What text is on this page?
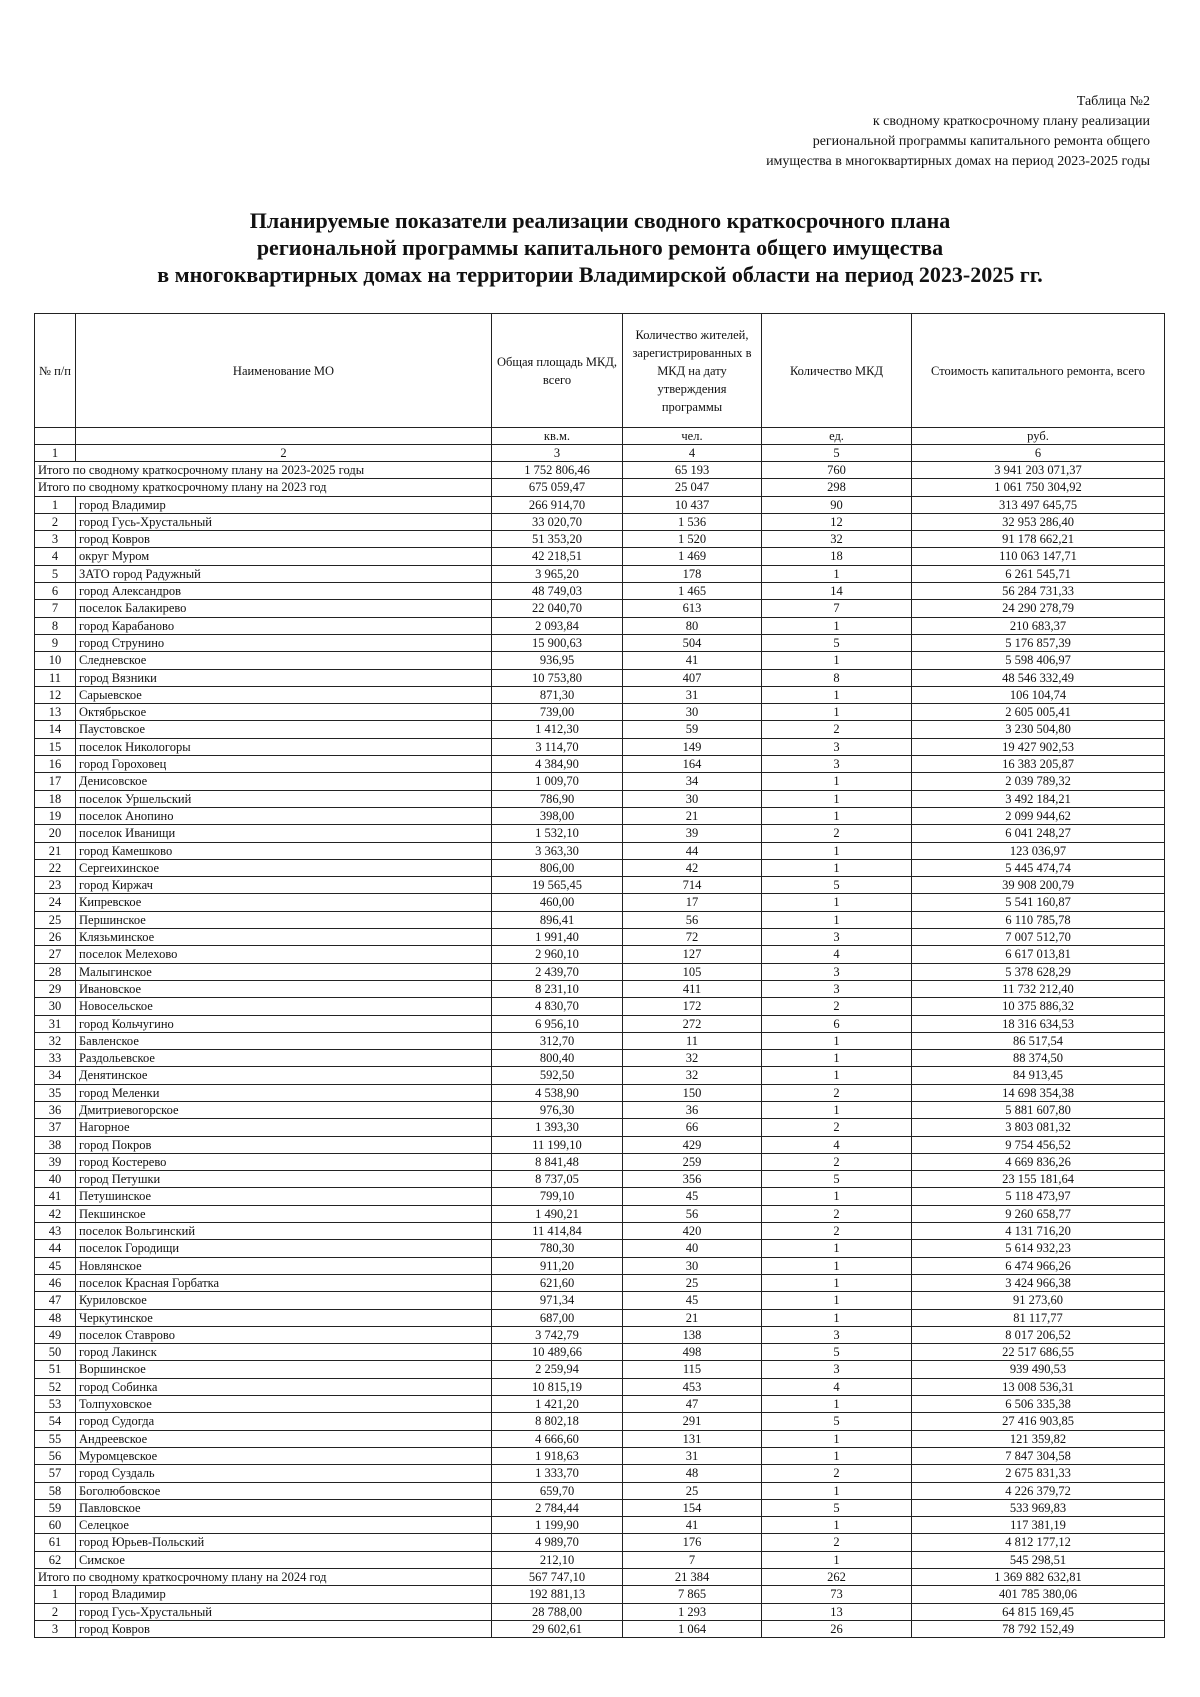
Таблица №2
к сводному краткосрочному плану реализации
региональной программы капитального ремонта общего
имущества в многоквартирных домах на период 2023-2025 годы
Планируемые показатели реализации сводного краткосрочного плана
региональной программы капитального ремонта общего имущества
в многоквартирных домах на территории Владимирской области на период 2023-2025 гг.
№ п/п	Наименование МО	Общая площадь МКД, всего	Количество жителей, зарегистрированных в МКД на дату утверждения программы	Количество МКД	Стоимость капитального ремонта, всего
		кв.м.	чел.	ед.	руб.
1	2	3	4	5	6
Итого по сводному краткосрочному плану на 2023-2025 годы		1 752 806,46	65 193	760	3 941 203 071,37
Итого по сводному краткосрочному плану на 2023 год		675 059,47	25 047	298	1 061 750 304,92
1	город Владимир	266 914,70	10 437	90	313 497 645,75
2	город Гусь-Хрустальный	33 020,70	1 536	12	32 953 286,40
3	город Ковров	51 353,20	1 520	32	91 178 662,21
4	округ Муром	42 218,51	1 469	18	110 063 147,71
5	ЗАТО город Радужный	3 965,20	178	1	6 261 545,71
6	город Александров	48 749,03	1 465	14	56 284 731,33
7	поселок Балакирево	22 040,70	613	7	24 290 278,79
8	город Карабаново	2 093,84	80	1	210 683,37
9	город Струнино	15 900,63	504	5	5 176 857,39
10	Следневское	936,95	41	1	5 598 406,97
11	город Вязники	10 753,80	407	8	48 546 332,49
12	Сарыевское	871,30	31	1	106 104,74
13	Октябрьское	739,00	30	1	2 605 005,41
14	Паустовское	1 412,30	59	2	3 230 504,80
15	поселок Никологоры	3 114,70	149	3	19 427 902,53
16	город Гороховец	4 384,90	164	3	16 383 205,87
17	Денисовское	1 009,70	34	1	2 039 789,32
18	поселок Уршельский	786,90	30	1	3 492 184,21
19	поселок Анопино	398,00	21	1	2 099 944,62
20	поселок Иванищи	1 532,10	39	2	6 041 248,27
21	город Камешково	3 363,30	44	1	123 036,97
22	Сергеихинское	806,00	42	1	5 445 474,74
23	город Киржач	19 565,45	714	5	39 908 200,79
24	Кипревское	460,00	17	1	5 541 160,87
25	Першинское	896,41	56	1	6 110 785,78
26	Клязьминское	1 991,40	72	3	7 007 512,70
27	поселок Мелехово	2 960,10	127	4	6 617 013,81
28	Малыгинское	2 439,70	105	3	5 378 628,29
29	Ивановское	8 231,10	411	3	11 732 212,40
30	Новосельское	4 830,70	172	2	10 375 886,32
31	город Кольчугино	6 956,10	272	6	18 316 634,53
32	Бавленское	312,70	11	1	86 517,54
33	Раздольевское	800,40	32	1	88 374,50
34	Денятинское	592,50	32	1	84 913,45
35	город Меленки	4 538,90	150	2	14 698 354,38
36	Дмитриевогорское	976,30	36	1	5 881 607,80
37	Нагорное	1 393,30	66	2	3 803 081,32
38	город Покров	11 199,10	429	4	9 754 456,52
39	город Костерево	8 841,48	259	2	4 669 836,26
40	город Петушки	8 737,05	356	5	23 155 181,64
41	Петушинское	799,10	45	1	5 118 473,97
42	Пекшинское	1 490,21	56	2	9 260 658,77
43	поселок Вольгинский	11 414,84	420	2	4 131 716,20
44	поселок Городищи	780,30	40	1	5 614 932,23
45	Новлянское	911,20	30	1	6 474 966,26
46	поселок Красная Горбатка	621,60	25	1	3 424 966,38
47	Куриловское	971,34	45	1	91 273,60
48	Черкутинское	687,00	21	1	81 117,77
49	поселок Ставрово	3 742,79	138	3	8 017 206,52
50	город Лакинск	10 489,66	498	5	22 517 686,55
51	Воршинское	2 259,94	115	3	939 490,53
52	город Собинка	10 815,19	453	4	13 008 536,31
53	Толпуховское	1 421,20	47	1	6 506 335,38
54	город Судогда	8 802,18	291	5	27 416 903,85
55	Андреевское	4 666,60	131	1	121 359,82
56	Муромцевское	1 918,63	31	1	7 847 304,58
57	город Суздаль	1 333,70	48	2	2 675 831,33
58	Боголюбовское	659,70	25	1	4 226 379,72
59	Павловское	2 784,44	154	5	533 969,83
60	Селецкое	1 199,90	41	1	117 381,19
61	город Юрьев-Польский	4 989,70	176	2	4 812 177,12
62	Симское	212,10	7	1	545 298,51
Итого по сводному краткосрочному плану на 2024 год		567 747,10	21 384	262	1 369 882 632,81
1	город Владимир	192 881,13	7 865	73	401 785 380,06
2	город Гусь-Хрустальный	28 788,00	1 293	13	64 815 169,45
3	город Ковров	29 602,61	1 064	26	78 792 152,49
